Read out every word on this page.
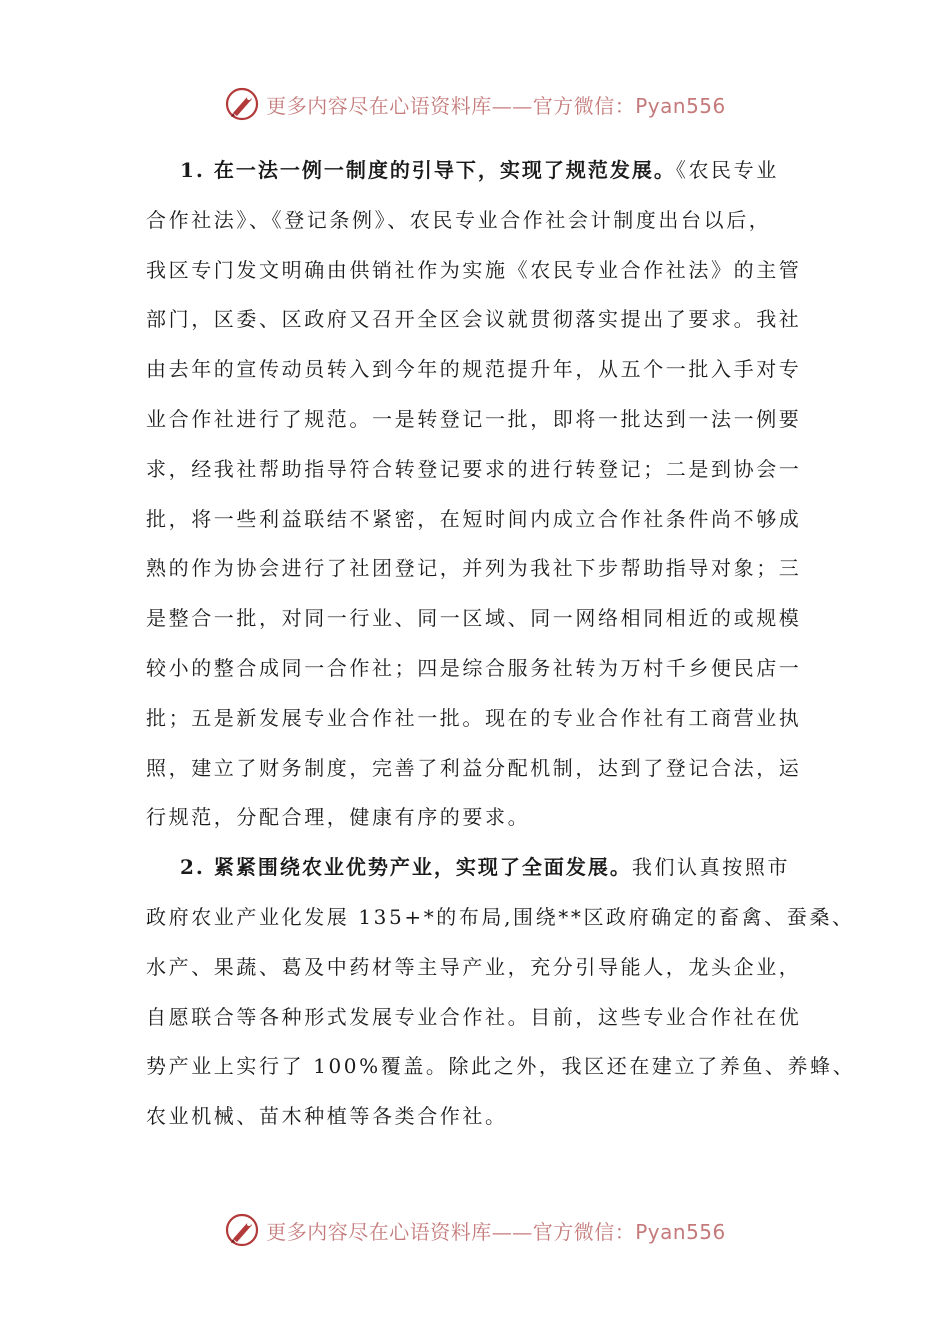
更多内容尽在心语资料库——官方微信：Pyan556
1. 在一法一例一制度的引导下，实现了规范发展。《农民专业
合作社法》、《登记条例》、农民专业合作社会计制度出台以后，
我区专门发文明确由供销社作为实施《农民专业合作社法》的主管
部门，区委、区政府又召开全区会议就贯彻落实提出了要求。我社
由去年的宣传动员转入到今年的规范提升年，从五个一批入手对专
业合作社进行了规范。一是转登记一批，即将一批达到一法一例要
求，经我社帮助指导符合转登记要求的进行转登记；二是到协会一
批，将一些利益联结不紧密，在短时间内成立合作社条件尚不够成
熟的作为协会进行了社团登记，并列为我社下步帮助指导对象；三
是整合一批，对同一行业、同一区域、同一网络相同相近的或规模
较小的整合成同一合作社；四是综合服务社转为万村千乡便民店一
批；五是新发展专业合作社一批。现在的专业合作社有工商营业执
照，建立了财务制度，完善了利益分配机制，达到了登记合法，运
行规范，分配合理，健康有序的要求。
2. 紧紧围绕农业优势产业，实现了全面发展。我们认真按照市
政府农业产业化发展 135+*的布局,围绕**区政府确定的畜禽、蚕桑、
水产、果蔬、葛及中药材等主导产业，充分引导能人，龙头企业，
自愿联合等各种形式发展专业合作社。目前，这些专业合作社在优
势产业上实行了 100%覆盖。除此之外，我区还在建立了养鱼、养蜂、
农业机械、苗木种植等各类合作社。
更多内容尽在心语资料库——官方微信：Pyan556
